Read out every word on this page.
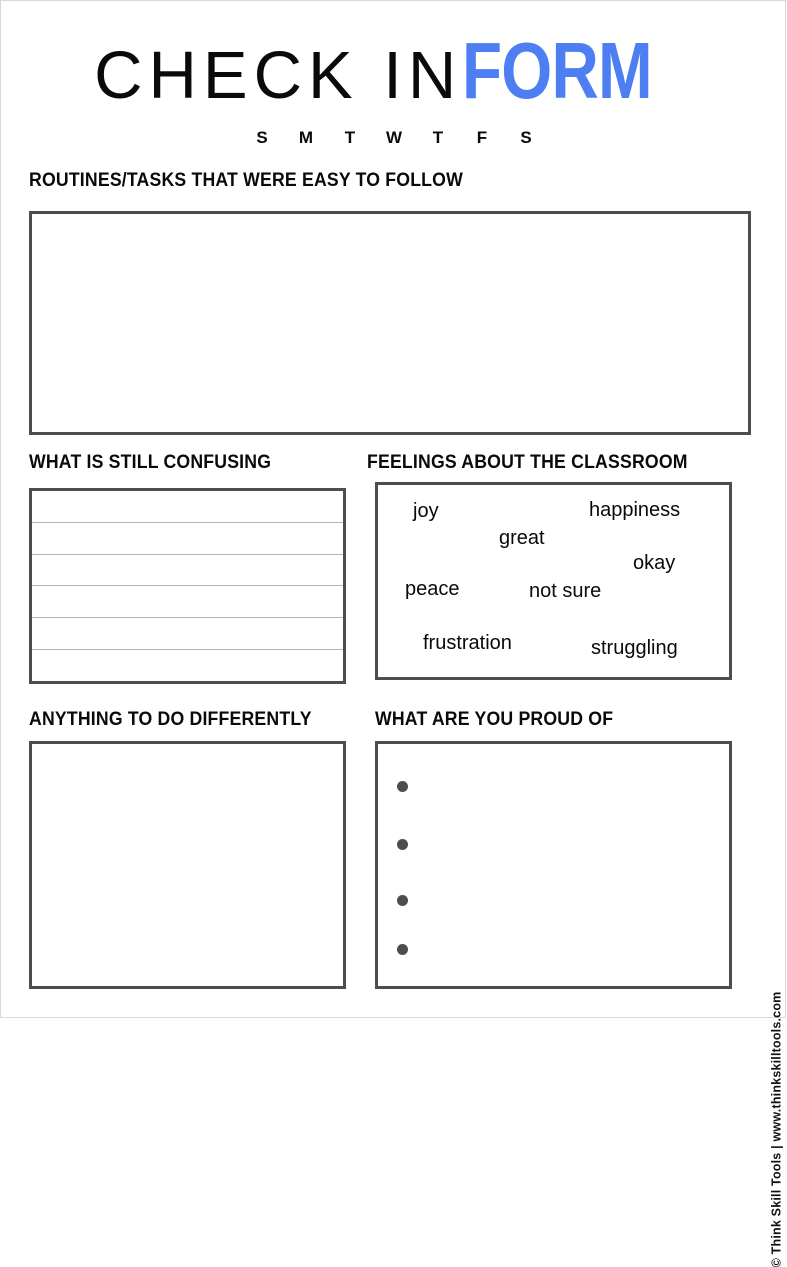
CHECK INFORM
S M T W T F S
ROUTINES/TASKS THAT WERE EASY TO FOLLOW
WHAT IS STILL CONFUSING	FEELINGS ABOUT THE CLASSROOM
joy	happiness
great
okay
peace	not sure
frustration	struggling
ANYTHING TO DO DIFFERENTLY	WHAT ARE YOU PROUD OF
© Think Skill Tools | www.thinkskilltools.com
